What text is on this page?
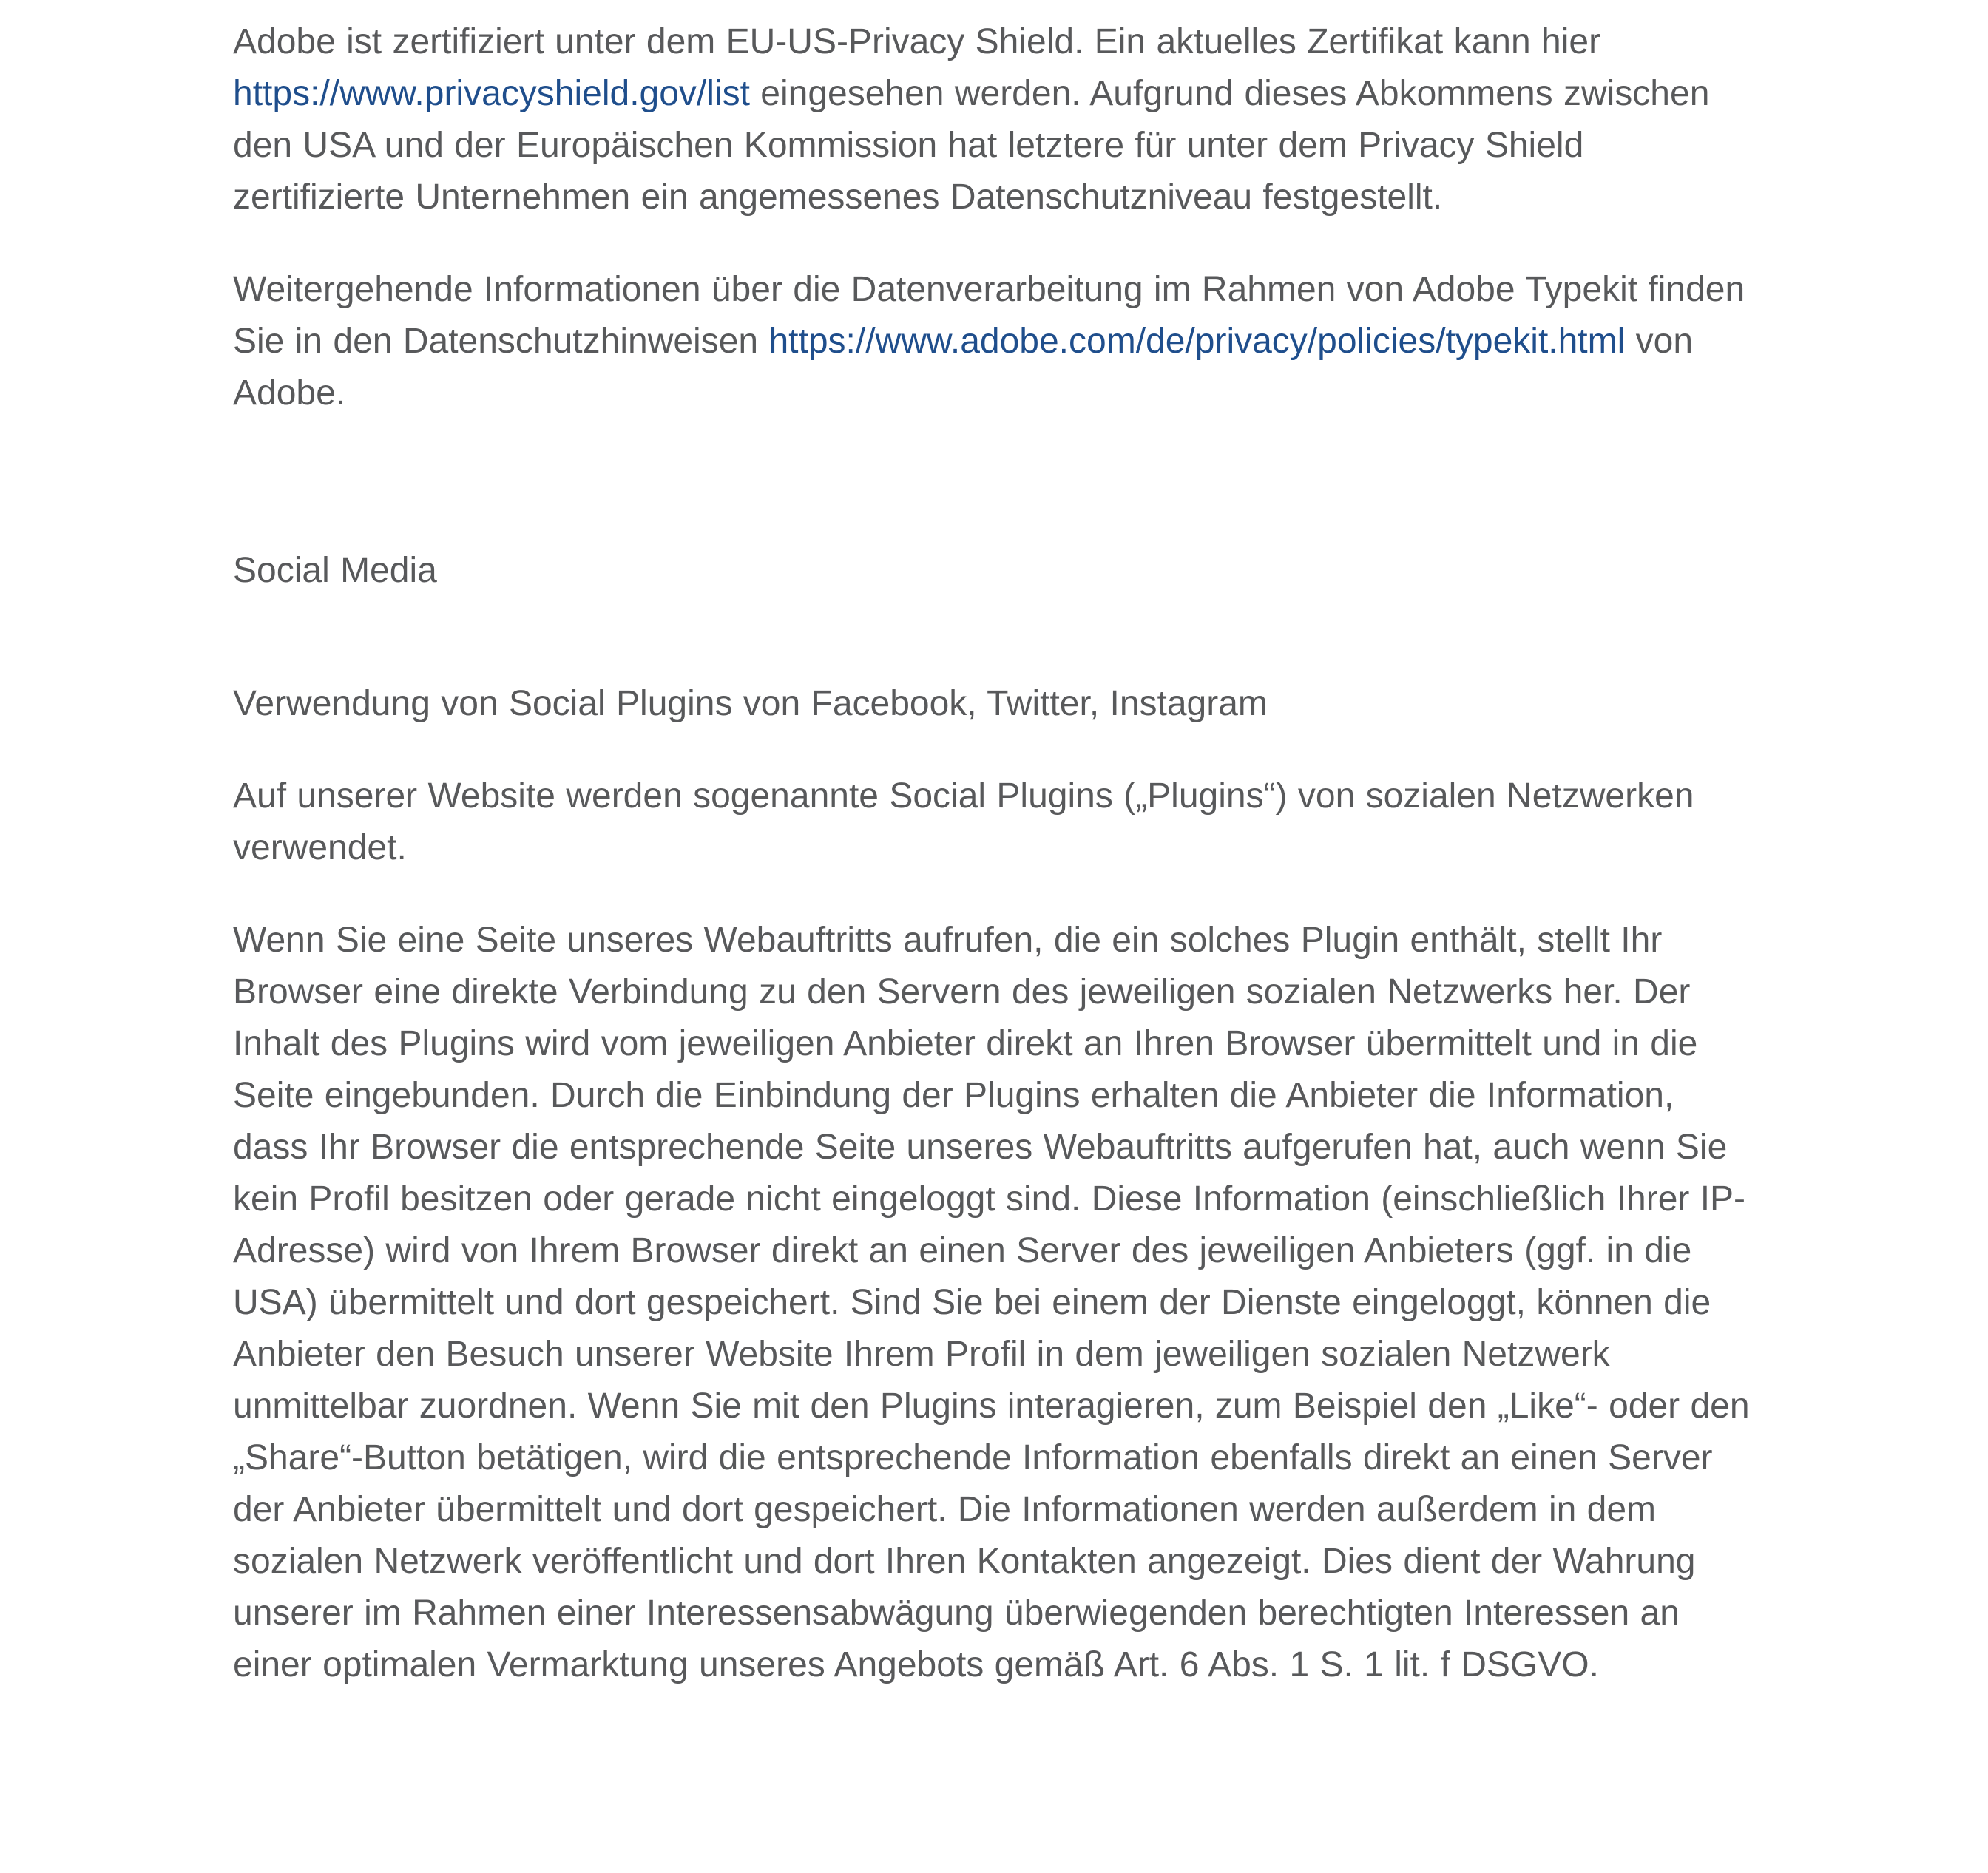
Adobe ist zertifiziert unter dem EU-US-Privacy Shield. Ein aktuelles Zertifikat kann hier https://www.privacyshield.gov/list eingesehen werden. Aufgrund dieses Abkommens zwischen den USA und der Europäischen Kommission hat letztere für unter dem Privacy Shield zertifizierte Unternehmen ein angemessenes Datenschutzniveau festgestellt.

Weitergehende Informationen über die Datenverarbeitung im Rahmen von Adobe Typekit finden Sie in den Datenschutzhinweisen https://www.adobe.com/de/privacy/policies/typekit.html von Adobe.

Social Media

Verwendung von Social Plugins von Facebook, Twitter, Instagram

Auf unserer Website werden sogenannte Social Plugins („Plugins“) von sozialen Netzwerken verwendet.

Wenn Sie eine Seite unseres Webauftritts aufrufen, die ein solches Plugin enthält, stellt Ihr Browser eine direkte Verbindung zu den Servern des jeweiligen sozialen Netzwerks her. Der Inhalt des Plugins wird vom jeweiligen Anbieter direkt an Ihren Browser übermittelt und in die Seite eingebunden. Durch die Einbindung der Plugins erhalten die Anbieter die Information, dass Ihr Browser die entsprechende Seite unseres Webauftritts aufgerufen hat, auch wenn Sie kein Profil besitzen oder gerade nicht eingeloggt sind. Diese Information (einschließlich Ihrer IP-Adresse) wird von Ihrem Browser direkt an einen Server des jeweiligen Anbieters (ggf. in die USA) übermittelt und dort gespeichert. Sind Sie bei einem der Dienste eingeloggt, können die Anbieter den Besuch unserer Website Ihrem Profil in dem jeweiligen sozialen Netzwerk unmittelbar zuordnen. Wenn Sie mit den Plugins interagieren, zum Beispiel den „Like“- oder den „Share“-Button betätigen, wird die entsprechende Information ebenfalls direkt an einen Server der Anbieter übermittelt und dort gespeichert. Die Informationen werden außerdem in dem sozialen Netzwerk veröffentlicht und dort Ihren Kontakten angezeigt. Dies dient der Wahrung unserer im Rahmen einer Interessensabwägung überwiegenden berechtigten Interessen an einer optimalen Vermarktung unseres Angebots gemäß Art. 6 Abs. 1 S. 1 lit. f DSGVO.
